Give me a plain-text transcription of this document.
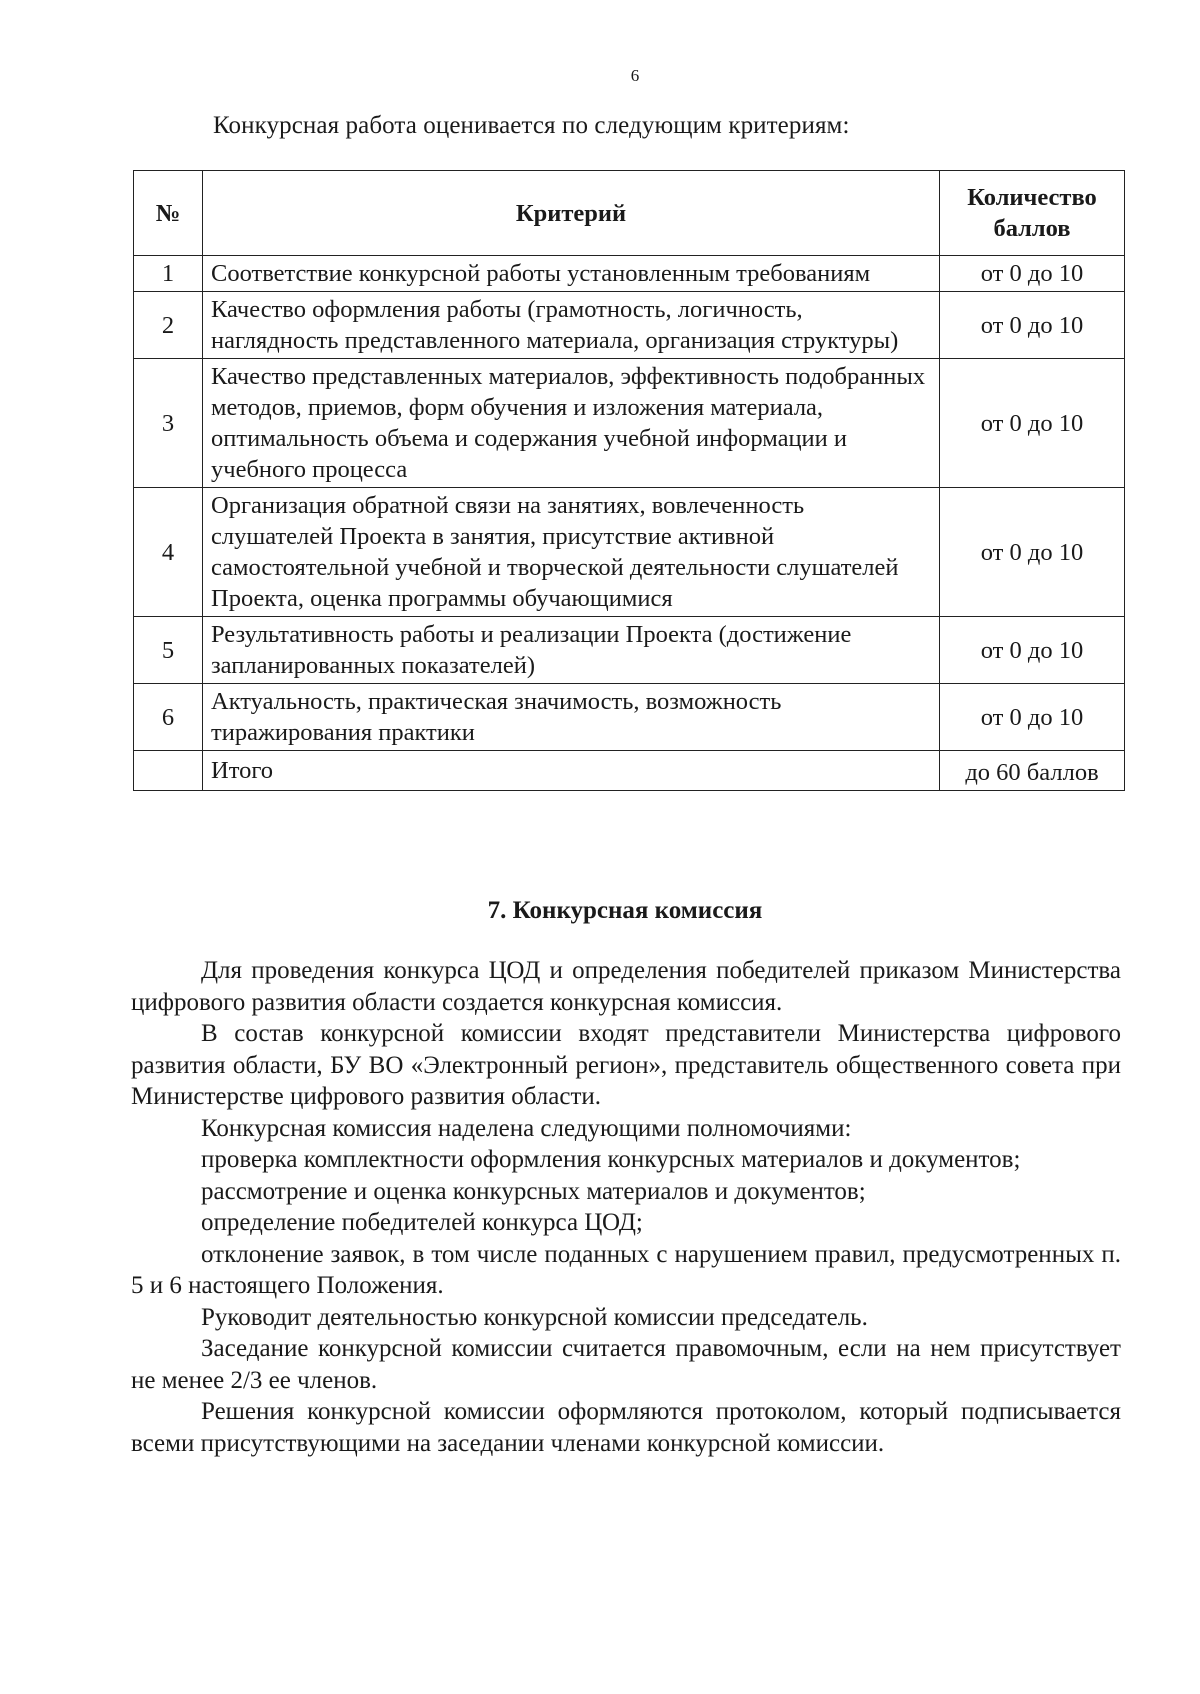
6
Конкурсная работа оценивается по следующим критериям:
№	Критерий	Количество баллов
1	Соответствие конкурсной работы установленным требованиям	от 0 до 10
2	Качество оформления работы (грамотность, логичность, наглядность представленного материала, организация структуры)	от 0 до 10
3	Качество представленных материалов, эффективность подобранных методов, приемов, форм обучения и изложения материала, оптимальность объема и содержания учебной информации и учебного процесса	от 0 до 10
4	Организация обратной связи на занятиях, вовлеченность слушателей Проекта в занятия, присутствие активной самостоятельной учебной и творческой деятельности слушателей Проекта, оценка программы обучающимися	от 0 до 10
5	Результативность работы и реализации Проекта (достижение запланированных показателей)	от 0 до 10
6	Актуальность, практическая значимость, возможность тиражирования практики	от 0 до 10
	Итого	до 60 баллов
7. Конкурсная комиссия

Для проведения конкурса ЦОД и определения победителей приказом Министерства цифрового развития области создается конкурсная комиссия.

В состав конкурсной комиссии входят представители Министерства цифрового развития области, БУ ВО «Электронный регион», представитель общественного совета при Министерстве цифрового развития области.

Конкурсная комиссия наделена следующими полномочиями:

проверка комплектности оформления конкурсных материалов и документов;

рассмотрение и оценка конкурсных материалов и документов;

определение победителей конкурса ЦОД;

отклонение заявок, в том числе поданных с нарушением правил, предусмотренных п. 5 и 6 настоящего Положения.

Руководит деятельностью конкурсной комиссии председатель.

Заседание конкурсной комиссии считается правомочным, если на нем присутствует не менее 2/3 ее членов.

Решения конкурсной комиссии оформляются протоколом, который подписывается всеми присутствующими на заседании членами конкурсной комиссии.
